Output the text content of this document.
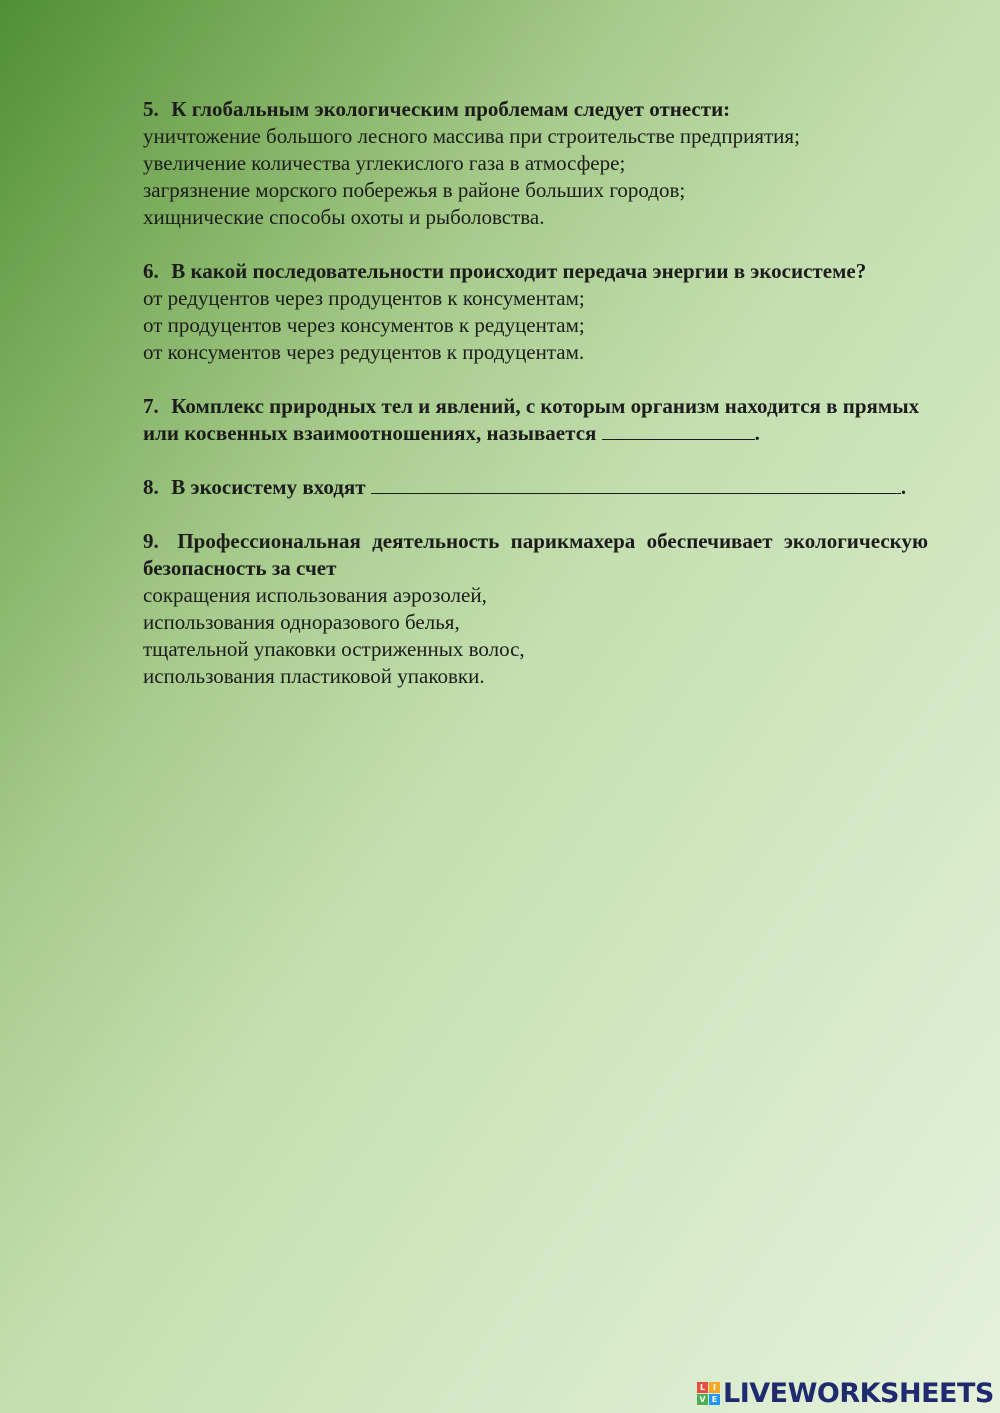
5. К глобальным экологическим проблемам следует отнести:

уничтожение большого лесного массива при строительстве предприятия;

увеличение количества углекислого газа в атмосфере;

загрязнение морского побережья в районе больших городов;

хищнические способы охоты и рыболовства.

6. В какой последовательности происходит передача энергии в экосистеме?

от редуцентов через продуцентов к консументам;

от продуцентов через консументов к редуцентам;

от консументов через редуцентов к продуцентам.

7. Комплекс природных тел и явлений, с которым организм находится в прямых или косвенных взаимоотношениях, называется	.

8. В экосистему входят	.

9. Профессиональная деятельность парикмахера обеспечивает экологическую безопасность за счет

сокращения использования аэрозолей,

использования одноразового белья,

тщательной упаковки остриженных волос,

использования пластиковой упаковки.

L I
V E LIVEWORKSHEETS
